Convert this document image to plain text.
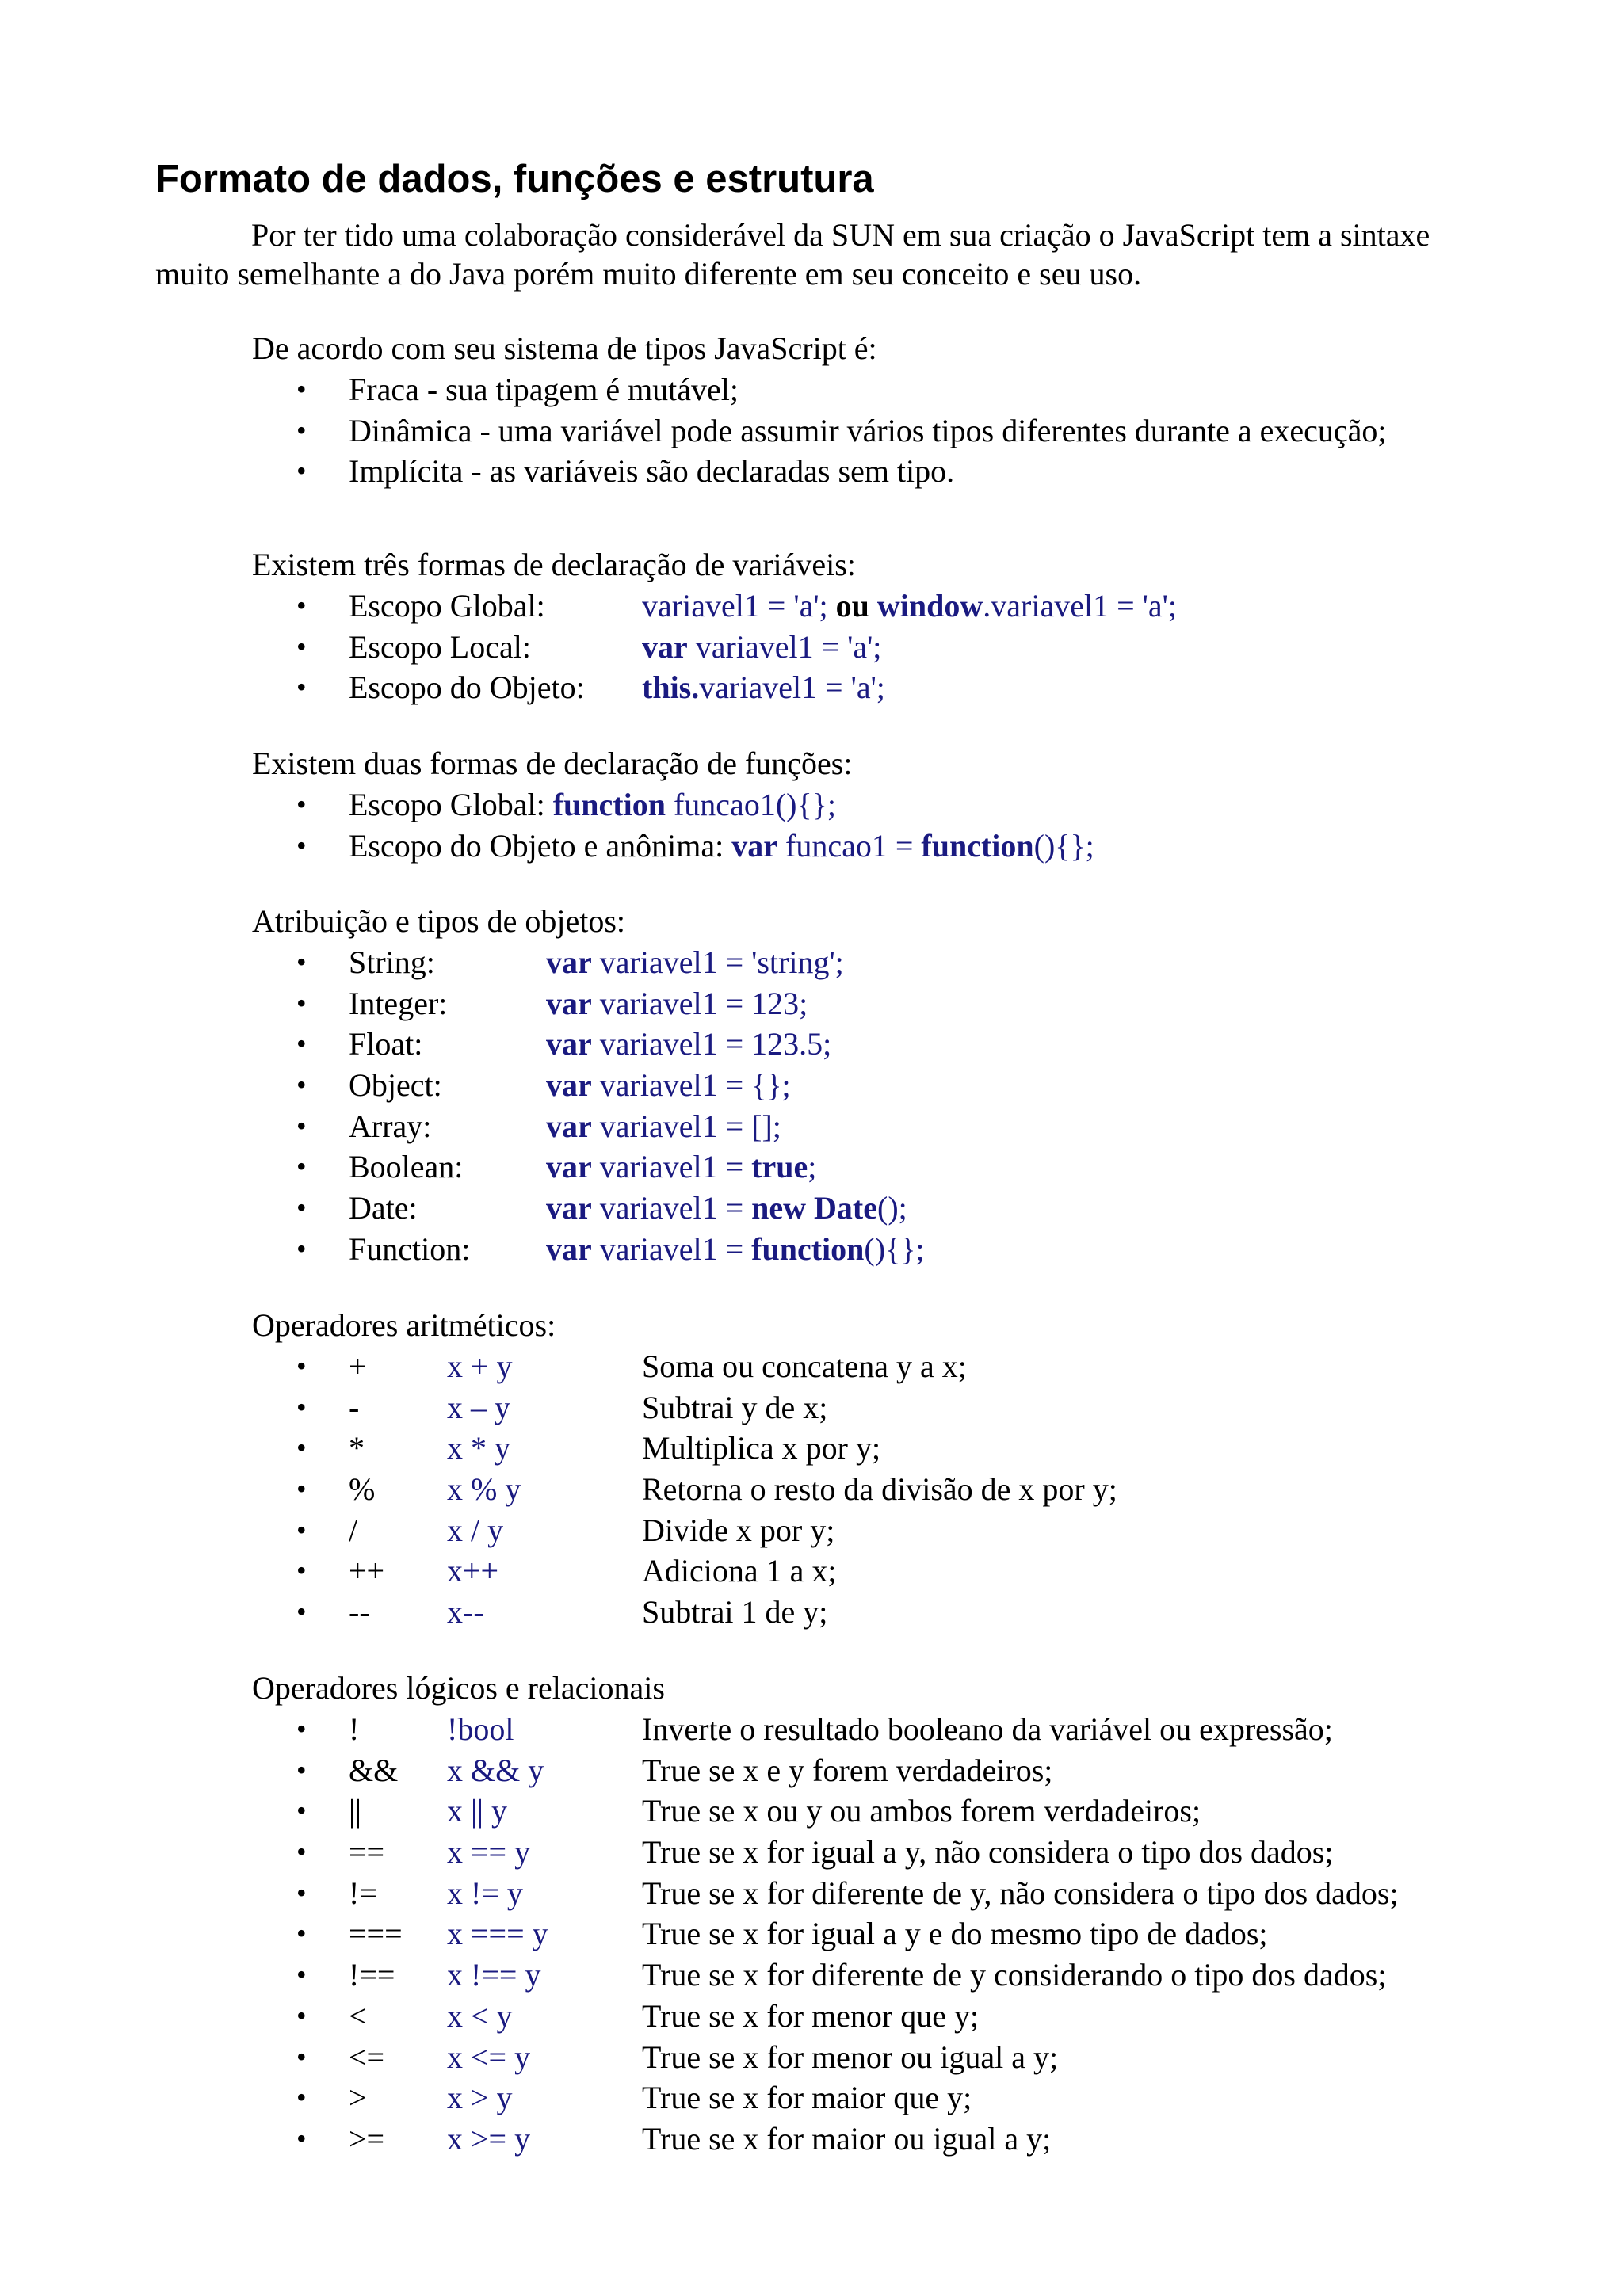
Formato de dados, funções e estrutura

Por ter tido uma colaboração considerável da SUN em sua criação o JavaScript tem a sintaxe muito semelhante a do Java porém muito diferente em seu conceito e seu uso.

De acordo com seu sistema de tipos JavaScript é:

• Fraca - sua tipagem é mutável;
• Dinâmica - uma variável pode assumir vários tipos diferentes durante a execução;
• Implícita - as variáveis são declaradas sem tipo.

Existem três formas de declaração de variáveis:

• Escopo Global:	variavel1 = 'a'; ou window.variavel1 = 'a';
• Escopo Local:	var variavel1 = 'a';
• Escopo do Objeto: this.variavel1 = 'a';

Existem duas formas de declaração de funções:

• Escopo Global: function funcao1(){};
• Escopo do Objeto e anônima: var funcao1 = function(){};

Atribuição e tipos de objetos:

• String:	var variavel1 = 'string';
• Integer:	var variavel1 = 123;
• Float:	var variavel1 = 123.5;
• Object:	var variavel1 = {};
• Array:	var variavel1 = [];
• Boolean:	var variavel1 = true;
• Date:	var variavel1 = new Date();
• Function: var variavel1 = function(){};

Operadores aritméticos:

• +	x + y	Soma ou concatena y a x;
• -	x – y	Subtrai y de x;
• *	x * y	Multiplica x por y;
• % x % y	Retorna o resto da divisão de x por y;
• /	x / y	Divide x por y;
• ++ x++	Adiciona 1 a x;
• -- x--	Subtrai 1 de y;

Operadores lógicos e relacionais

• !	!bool	Inverte o resultado booleano da variável ou expressão;
• && x && y	True se x e y forem verdadeiros;
• ||	x || y	True se x ou y ou ambos forem verdadeiros;
• == x == y	True se x for igual a y, não considera o tipo dos dados;
• != x != y	True se x for diferente de y, não considera o tipo dos dados;
• === x === y	True se x for igual a y e do mesmo tipo de dados;
• !== x !== y	True se x for diferente de y considerando o tipo dos dados;
• <	x < y	True se x for menor que y;
• <= x <= y	True se x for menor ou igual a y;
• >	x > y	True se x for maior que y;
• >= x >= y	True se x for maior ou igual a y;
